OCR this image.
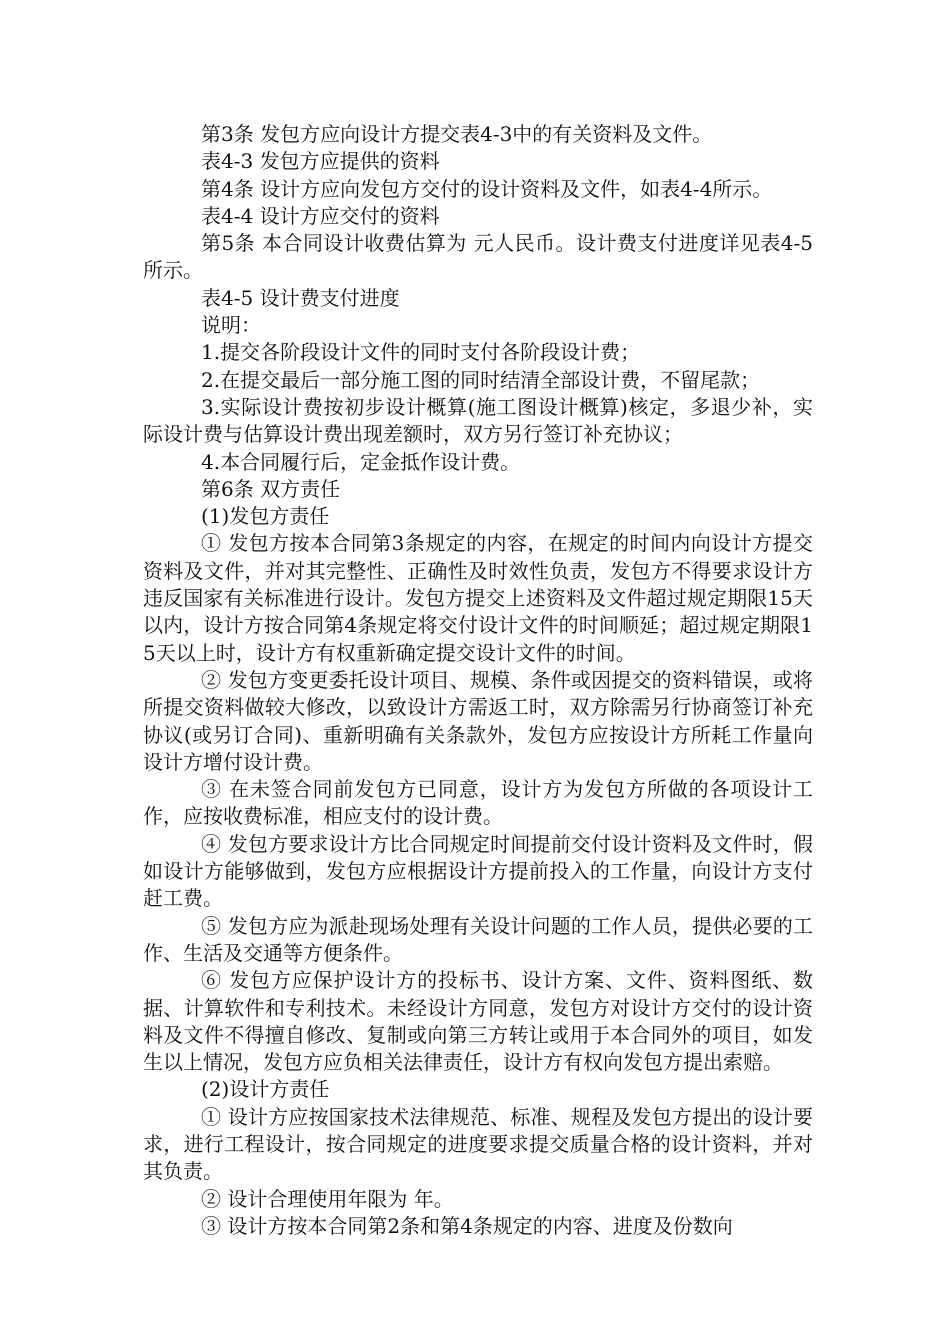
第3条 发包方应向设计方提交表4-3中的有关资料及文件。

表4-3 发包方应提供的资料

第4条 设计方应向发包方交付的设计资料及文件，如表4-4所示。

表4-4 设计方应交付的资料

第5条 本合同设计收费估算为 元人民币。设计费支付进度详见表4-5所示。

表4-5 设计费支付进度

说明：

1.提交各阶段设计文件的同时支付各阶段设计费；

2.在提交最后一部分施工图的同时结清全部设计费，不留尾款；

3.实际设计费按初步设计概算(施工图设计概算)核定，多退少补，实际设计费与估算设计费出现差额时，双方另行签订补充协议；

4.本合同履行后，定金抵作设计费。

第6条 双方责任

(1)发包方责任

① 发包方按本合同第3条规定的内容，在规定的时间内向设计方提交资料及文件，并对其完整性、正确性及时效性负责，发包方不得要求设计方违反国家有关标准进行设计。发包方提交上述资料及文件超过规定期限15天以内，设计方按合同第4条规定将交付设计文件的时间顺延；超过规定期限15天以上时，设计方有权重新确定提交设计文件的时间。

② 发包方变更委托设计项目、规模、条件或因提交的资料错误，或将所提交资料做较大修改，以致设计方需返工时，双方除需另行协商签订补充协议(或另订合同)、重新明确有关条款外，发包方应按设计方所耗工作量向设计方增付设计费。

③ 在未签合同前发包方已同意，设计方为发包方所做的各项设计工作，应按收费标准，相应支付的设计费。

④ 发包方要求设计方比合同规定时间提前交付设计资料及文件时，假如设计方能够做到，发包方应根据设计方提前投入的工作量，向设计方支付赶工费。

⑤ 发包方应为派赴现场处理有关设计问题的工作人员，提供必要的工作、生活及交通等方便条件。

⑥ 发包方应保护设计方的投标书、设计方案、文件、资料图纸、数据、计算软件和专利技术。未经设计方同意，发包方对设计方交付的设计资料及文件不得擅自修改、复制或向第三方转让或用于本合同外的项目，如发生以上情况，发包方应负相关法律责任，设计方有权向发包方提出索赔。

(2)设计方责任

① 设计方应按国家技术法律规范、标准、规程及发包方提出的设计要求，进行工程设计，按合同规定的进度要求提交质量合格的设计资料，并对其负责。

② 设计合理使用年限为 年。

③ 设计方按本合同第2条和第4条规定的内容、进度及份数向
